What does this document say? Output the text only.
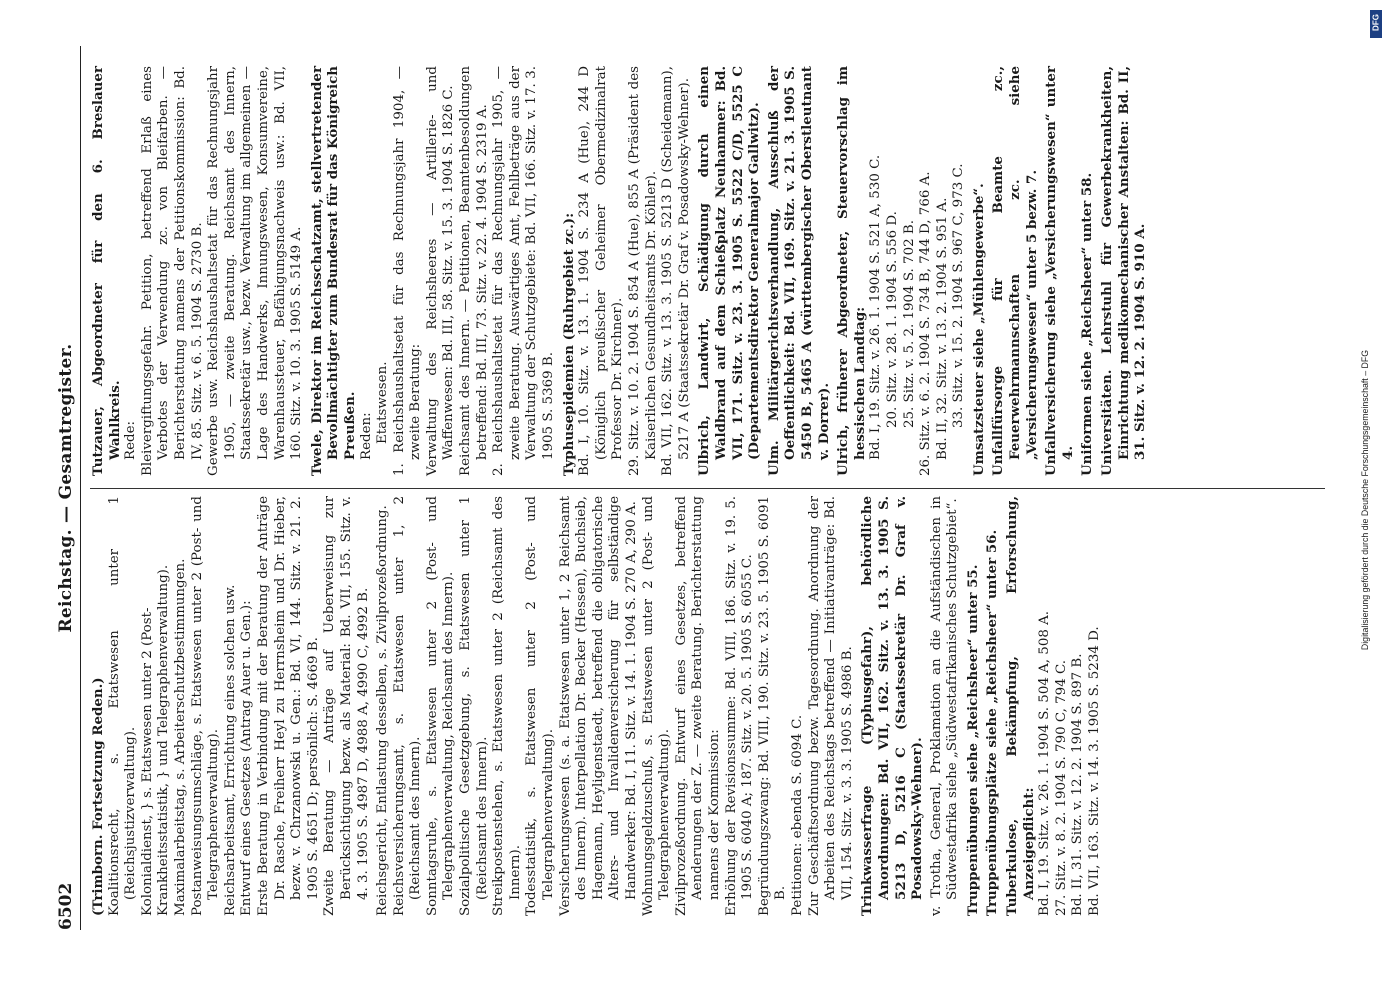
6502
Reichstag. — Gesamtregister.

(Trimborn. Fortsetzung Reden.) Koalitionsrecht, s. Etatswesen unter 1 (Reichsjustizverwaltung). Kolonialdienst, } s. Etatswesen unter 2 (Post- Krankheitsstatistik, } und Telegraphenverwaltung). Maximalarbeitstag, s. Arbeiterschutzbestimmungen. Postanweisungsumschläge, s. Etatswesen unter 2 (Post- und Telegraphenverwaltung). Reichsarbeitsamt, Errichtung eines solchen usw. Entwurf eines Gesetzes (Antrag Auer u. Gen.): Erste Beratung in Verbindung mit der Beratung der Anträge Dr. Rasche, Freiherr Heyl zu Herrnsheim und Dr. Hieber, bezw. v. Chrzanowski u. Gen.: Bd. VI, 144. Sitz. v. 21. 2. 1905 S. 4651 D; persönlich: S. 4669 B. Zweite Beratung — Anträge auf Ueberweisung zur Berücksichtigung bezw. als Material: Bd. VII, 155. Sitz. v. 4. 3. 1905 S. 4987 D, 4988 A, 4990 C, 4992 B. Reichsgericht, Entlastung desselben, s. Zivilprozeßordnung. Reichsversicherungsamt, s. Etatswesen unter 1, 2 (Reichsamt des Innern). Sonntagsruhe, s. Etatswesen unter 2 (Post- und Telegraphenverwaltung, Reichsamt des Innern). Sozialpolitische Gesetzgebung, s. Etatswesen unter 1 (Reichsamt des Innern). Streikpostenstehen, s. Etatswesen unter 2 (Reichsamt des Innern). Todesstatistik, s. Etatswesen unter 2 (Post- und Telegraphenverwaltung). Versicherungswesen (s. a. Etatswesen unter 1, 2 Reichsamt des Innern). Interpellation Dr. Becker (Hessen), Buchsieb, Hagemann, Heyligenstaedt, betreffend die obligatorische Alters- und Invalidenversicherung für selbständige Handwerker: Bd. I, 11. Sitz. v. 14. 1. 1904 S. 270 A, 290 A. Wohnungsgeldzuschuß, s. Etatswesen unter 2 (Post- und Telegraphenverwaltung). Zivilprozeßordnung. Entwurf eines Gesetzes, betreffend Aenderungen der Z. — zweite Beratung. Berichterstattung namens der Kommission: Erhöhung der Revisionssumme: Bd. VIII, 186. Sitz. v. 19. 5. 1905 S. 6040 A; 187. Sitz. v. 20. 5. 1905 S. 6055 C. Begründungszwang: Bd. VIII, 190. Sitz. v. 23. 5. 1905 S. 6091 B. Petitionen: ebenda S. 6094 C. Zur Geschäftsordnung bezw. Tagesordnung. Anordnung der Arbeiten des Reichstags betreffend — Initiativanträge: Bd. VII, 154. Sitz. v. 3. 3. 1905 S. 4986 B. Trinkwasserfrage (Typhusgefahr), behördliche Anordnungen: Bd. VII, 162. Sitz. v. 13. 3. 1905 S. 5213 D, 5216 C (Staatssekretär Dr. Graf v. Posadowsky-Wehner). v. Trotha, General, Proklamation an die Aufständischen in Südwestafrika siehe „Südwestafrikanisches Schutzgebiet“. Truppenübungen siehe „Reichsheer“ unter 55. Truppenübungsplätze siehe „Reichsheer“ unter 56. Tuberkulose, Bekämpfung, Erforschung, Anzeigepflicht: Bd. I, 19. Sitz. v. 26. 1. 1904 S. 504 A, 508 A. 27. Sitz. v. 8. 2. 1904 S. 790 C, 794 C. Bd. II, 31. Sitz. v. 12. 2. 1904 S. 897 B. Bd. VII, 163. Sitz. v. 14. 3. 1905 S. 5234 D.

Tutzauer, Abgeordneter für den 6. Breslauer Wahlkreis. Rede: Bleivergiftungsgefahr. Petition, betreffend Erlaß eines Verbotes der Verwendung zc. von Bleifarben. — Berichterstattung namens der Petitionskommission: Bd. IV, 85. Sitz. v. 6. 5. 1904 S. 2730 B. Gewerbe usw. Reichshaushaltsetat für das Rechnungsjahr 1905, — zweite Beratung. Reichsamt des Innern, Staatssekretär usw., bezw. Verwaltung im allgemeinen — Lage des Handwerks, Innungswesen, Konsumvereine, Warenhaussteuer, Befähigungsnachweis usw.: Bd. VII, 160. Sitz. v. 10. 3. 1905 S. 5149 A. Twele, Direktor im Reichsschatzamt, stellvertretender Bevollmächtigter zum Bundesrat für das Königreich Preußen. Reden: Etatswesen. 1. Reichshaushaltsetat für das Rechnungsjahr 1904, — zweite Beratung: Verwaltung des Reichsheeres — Artillerie- und Waffenwesen: Bd. III, 58. Sitz. v. 15. 3. 1904 S. 1826 C. Reichsamt des Innern. — Petitionen, Beamtenbesoldungen betreffend: Bd. III, 73. Sitz. v. 22. 4. 1904 S. 2319 A. 2. Reichshaushaltsetat für das Rechnungsjahr 1905, — zweite Beratung. Auswärtiges Amt, Fehlbeträge aus der Verwaltung der Schutzgebiete: Bd. VII, 166. Sitz. v. 17. 3. 1905 S. 5369 B. Typhusepidemien (Ruhrgebiet zc.): Bd. I, 10. Sitz. v. 13. 1. 1904 S. 234 A (Hue), 244 D (Königlich preußischer Geheimer Obermedizinalrat Professor Dr. Kirchner). 29. Sitz. v. 10. 2. 1904 S. 854 A (Hue), 855 A (Präsident des Kaiserlichen Gesundheitsamts Dr. Köhler). Bd. VII, 162. Sitz. v. 13. 3. 1905 S. 5213 D (Scheidemann), 5217 A (Staatssekretär Dr. Graf v. Posadowsky-Wehner). Ulbrich, Landwirt, Schädigung durch einen Waldbrand auf dem Schießplatz Neuhammer: Bd. VII, 171. Sitz. v. 23. 3. 1905 S. 5522 C/D, 5525 C (Departementsdirektor Generalmajor Gallwitz). Ulm. Militärgerichtsverhandlung, Ausschluß der Oeffentlichkeit: Bd. VII, 169. Sitz. v. 21. 3. 1905 S. 5450 B, 5465 A (württembergischer Oberstleutnant v. Dorrer). Ulrich, früherer Abgeordneter, Steuervorschlag im hessischen Landtag: Bd. I, 19. Sitz. v. 26. 1. 1904 S. 521 A, 530 C. 20. Sitz. v. 28. 1. 1904 S. 556 D. 25. Sitz. v. 5. 2. 1904 S. 702 B. 26. Sitz. v. 6. 2. 1904 S. 734 B, 744 D, 766 A. Bd. II, 32. Sitz. v. 13. 2. 1904 S. 951 A. 33. Sitz. v. 15. 2. 1904 S. 967 C, 973 C. Umsatzsteuer siehe „Mühlengewerbe“. Unfallfürsorge für Beamte zc., Feuerwehrmannschaften zc. siehe „Versicherungswesen“ unter 5 bezw. 7. Unfallversicherung siehe „Versicherungswesen“ unter 4. Uniformen siehe „Reichsheer“ unter 58. Universitäten. Lehrstuhl für Gewerbekrankheiten, Einrichtung medikomechanischer Anstalten: Bd. II, 31. Sitz. v. 12. 2. 1904 S. 910 A.

Digitalisierung gefördert durch die Deutsche Forschungsgemeinschaft – DFG
DFG
